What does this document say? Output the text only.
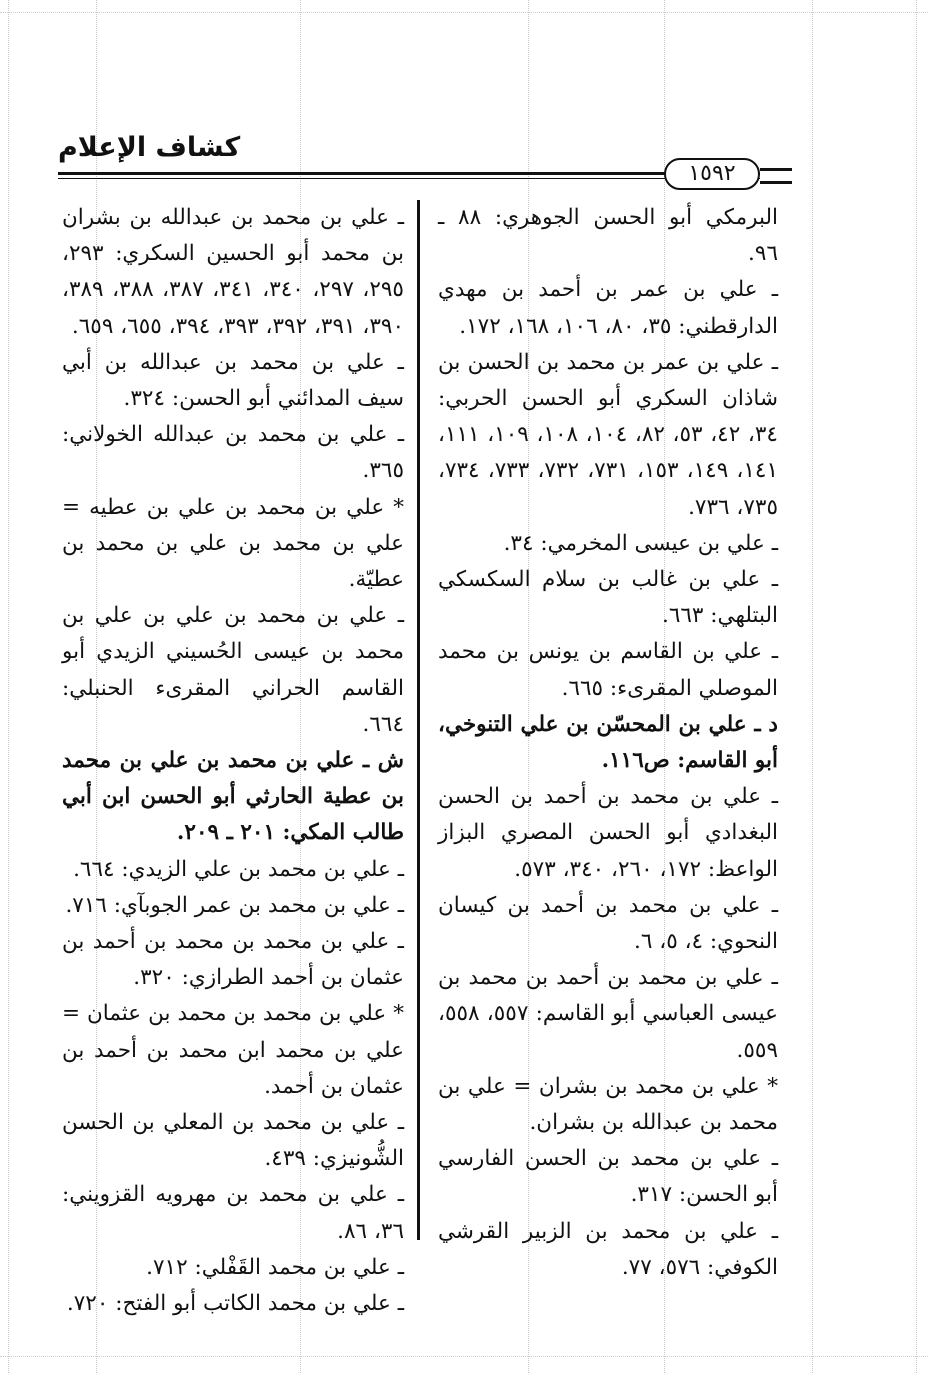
كشاف الإعلام
١٥٩٢

البرمكي أبو الحسن الجوهري: ٨٨ ـ ٩٦.

ـ علي بن عمر بن أحمد بن مهدي الدارقطني: ٣٥، ٨٠، ١٠٦، ١٦٨، ١٧٢.

ـ علي بن عمر بن محمد بن الحسن بن شاذان السكري أبو الحسن الحربي: ٣٤، ٤٢، ٥٣، ٨٢، ١٠٤، ١٠٨، ١٠٩، ١١١، ١٤١، ١٤٩، ١٥٣، ٧٣١، ٧٣٢، ٧٣٣، ٧٣٤، ٧٣٥، ٧٣٦.

ـ علي بن عيسى المخرمي: ٣٤.

ـ علي بن غالب بن سلام السكسكي البتلهي: ٦٦٣.

ـ علي بن القاسم بن يونس بن محمد الموصلي المقرىء: ٦٦٥.

د ـ علي بن المحسّن بن علي التنوخي، أبو القاسم: ص١١٦.

ـ علي بن محمد بن أحمد بن الحسن البغدادي أبو الحسن المصري البزاز الواعظ: ١٧٢، ٢٦٠، ٣٤٠، ٥٧٣.

ـ علي بن محمد بن أحمد بن كيسان النحوي: ٤، ٥، ٦.

ـ علي بن محمد بن أحمد بن محمد بن عيسى العباسي أبو القاسم: ٥٥٧، ٥٥٨، ٥٥٩.

* علي بن محمد بن بشران = علي بن محمد بن عبدالله بن بشران.

ـ علي بن محمد بن الحسن الفارسي أبو الحسن: ٣١٧.

ـ علي بن محمد بن الزبير القرشي الكوفي: ٥٧٦، ٧٧.

ـ علي بن محمد بن عبدالله بن بشران بن محمد أبو الحسين السكري: ٢٩٣، ٢٩٥، ٢٩٧، ٣٤٠، ٣٤١، ٣٨٧، ٣٨٨، ٣٨٩، ٣٩٠، ٣٩١، ٣٩٢، ٣٩٣، ٣٩٤، ٦٥٥، ٦٥٩.

ـ علي بن محمد بن عبدالله بن أبي سيف المدائني أبو الحسن: ٣٢٤.

ـ علي بن محمد بن عبدالله الخولاني: ٣٦٥.

* علي بن محمد بن علي بن عطيه = علي بن محمد بن علي بن محمد بن عطيّة.

ـ علي بن محمد بن علي بن علي بن محمد بن عيسى الحُسيني الزيدي أبو القاسم الحراني المقرىء الحنبلي: ٦٦٤.

ش ـ علي بن محمد بن علي بن محمد بن عطية الحارثي أبو الحسن ابن أبي طالب المكي: ٢٠١ ـ ٢٠٩.

ـ علي بن محمد بن علي الزيدي: ٦٦٤.

ـ علي بن محمد بن عمر الجوبآي: ٧١٦.

ـ علي بن محمد بن محمد بن أحمد بن عثمان بن أحمد الطرازي: ٣٢٠.

* علي بن محمد بن محمد بن عثمان = علي بن محمد ابن محمد بن أحمد بن عثمان بن أحمد.

ـ علي بن محمد بن المعلي بن الحسن الشُّونيزي: ٤٣٩.

ـ علي بن محمد بن مهرويه القزويني: ٣٦، ٨٦.

ـ علي بن محمد القَفْلي: ٧١٢.

ـ علي بن محمد الكاتب أبو الفتح: ٧٢٠.
